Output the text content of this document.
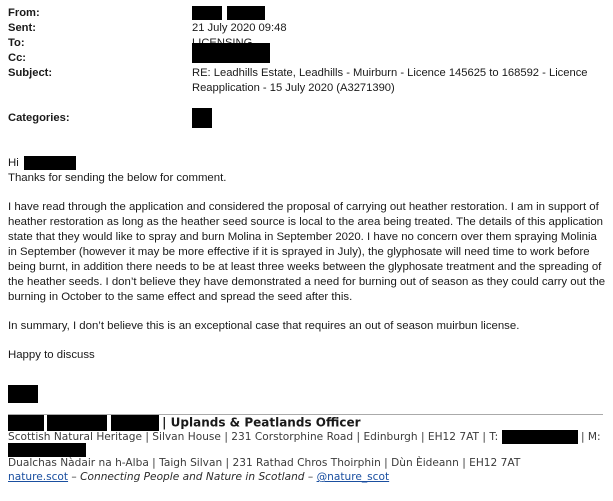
From:

Sent:	21 July 2020 09:48
To:
Cc:
Subject:	RE: Leadhills Estate, Leadhills - Muirburn - Licence 145625 to 168592 - Licence
Reapplication - 15 July 2020 (A3271390)
Categories:

Hi

Thanks for sending the below for comment.

I have read through the application and considered the proposal of carrying out heather restoration. I am in support of heather restoration as long as the heather seed source is local to the area being treated. The details of this application state that they would like to spray and burn Molina in September 2020. I have no concern over them spraying Molinia in September (however it may be more effective if it is sprayed in July), the glyphosate will need time to work before being burnt, in addition there needs to be at least three weeks between the glyphosate treatment and the spreading of the heather seeds. I don’t believe they have demonstrated a need for burning out of season as they could carry out the burning in October to the same effect and spread the seed after this.

In summary, I don’t believe this is an exceptional case that requires an out of season muirbun license.

Happy to discuss

| Uplands & Peatlands Officer
Scottish Natural Heritage | Silvan House | 231 Corstorphine Road | Edinburgh | EH12 7AT | T:	| M:
Dualchas Nàdair na h-Alba | Taigh Silvan | 231 Rathad Chros Thoirphin | Dùn Èideann | EH12 7AT
nature.scot – Connecting People and Nature in Scotland – @nature_scot
